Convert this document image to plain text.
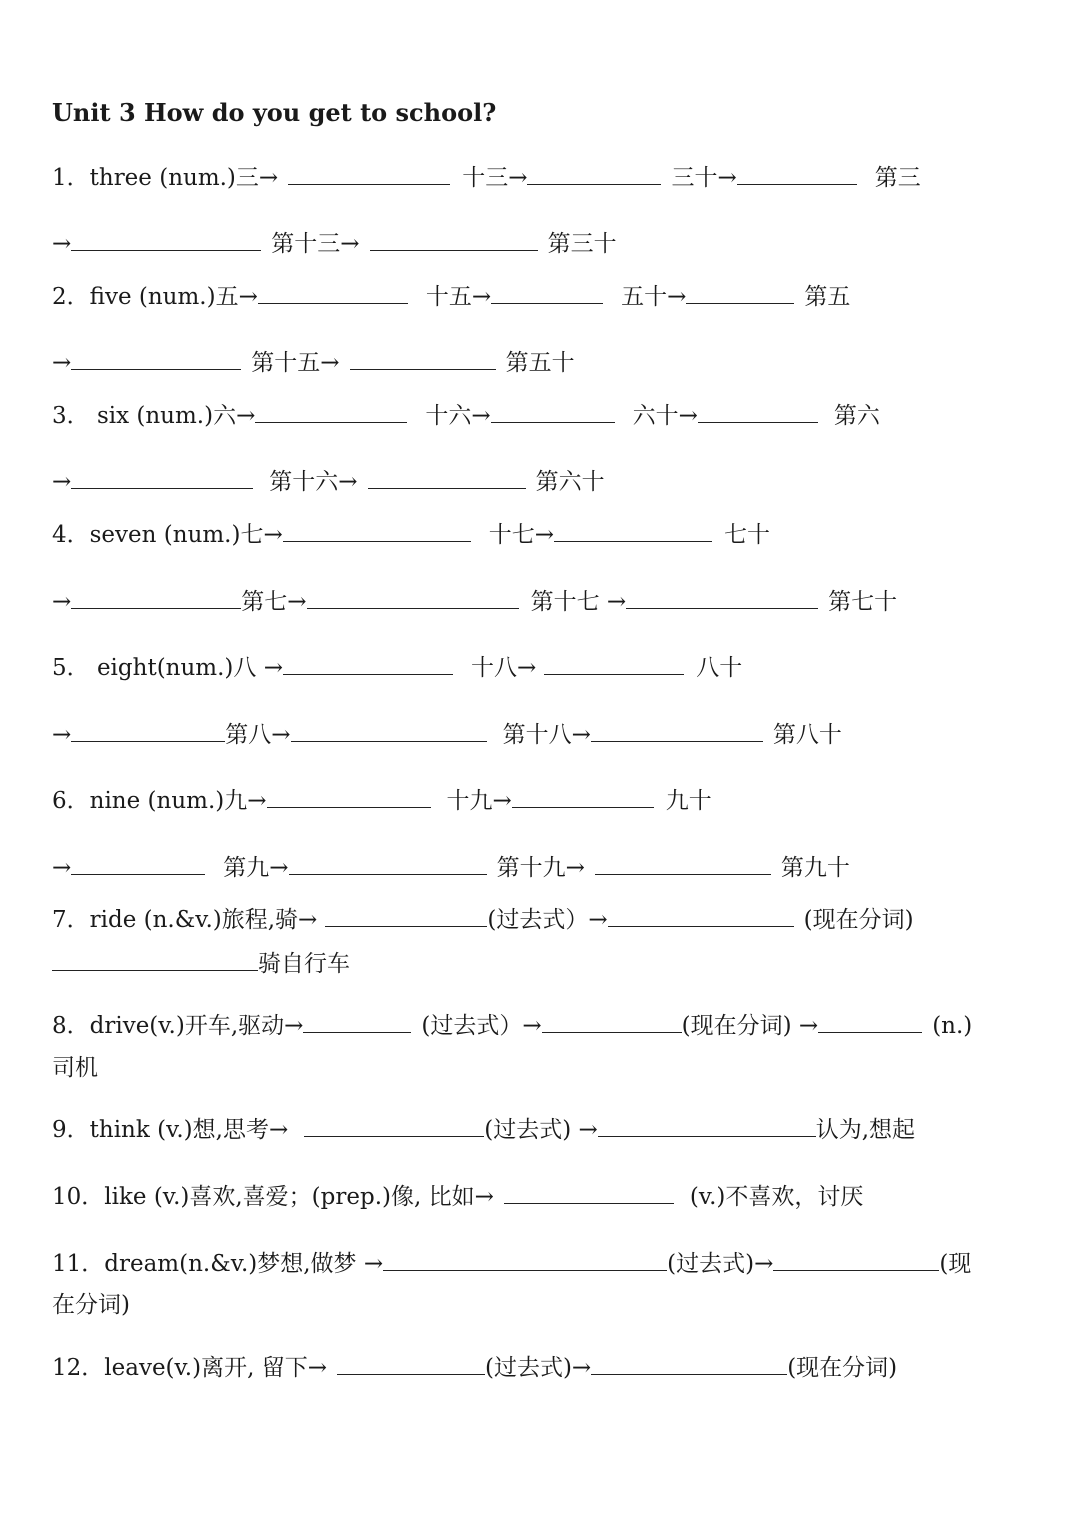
Unit 3 How do you get to school?
1．three (num.)三→	十三→	三十→	第三
→	第十三→	第三十
2．five (num.)五→	十五→	五十→	第五
→	第十五→	第五十
3． six (num.)六→	十六→	六十→	第六
→	第十六→	第六十
4．seven (num.)七→	十七→	七十
→	第七→	第十七 →	第七十
5． eight(num.)八 →	十八→	八十
→	第八→	第十八→	第八十
6．nine (num.)九→	十九→	九十
→	第九→	第十九→	第九十
7．ride (n.&v.)旅程,骑→	(过去式）→	(现在分词)
骑自行车
8．drive(v.)开车,驱动→	(过去式）→	(现在分词) →	(n.)
司机
9．think (v.)想,思考→	(过去式) →	认为,想起
10．like (v.)喜欢,喜爱；(prep.)像, 比如→	(v.)不喜欢，讨厌
11．dream(n.&v.)梦想,做梦 →	(过去式)→	(现
在分词)
12．leave(v.)离开, 留下→	(过去式)→	(现在分词)
